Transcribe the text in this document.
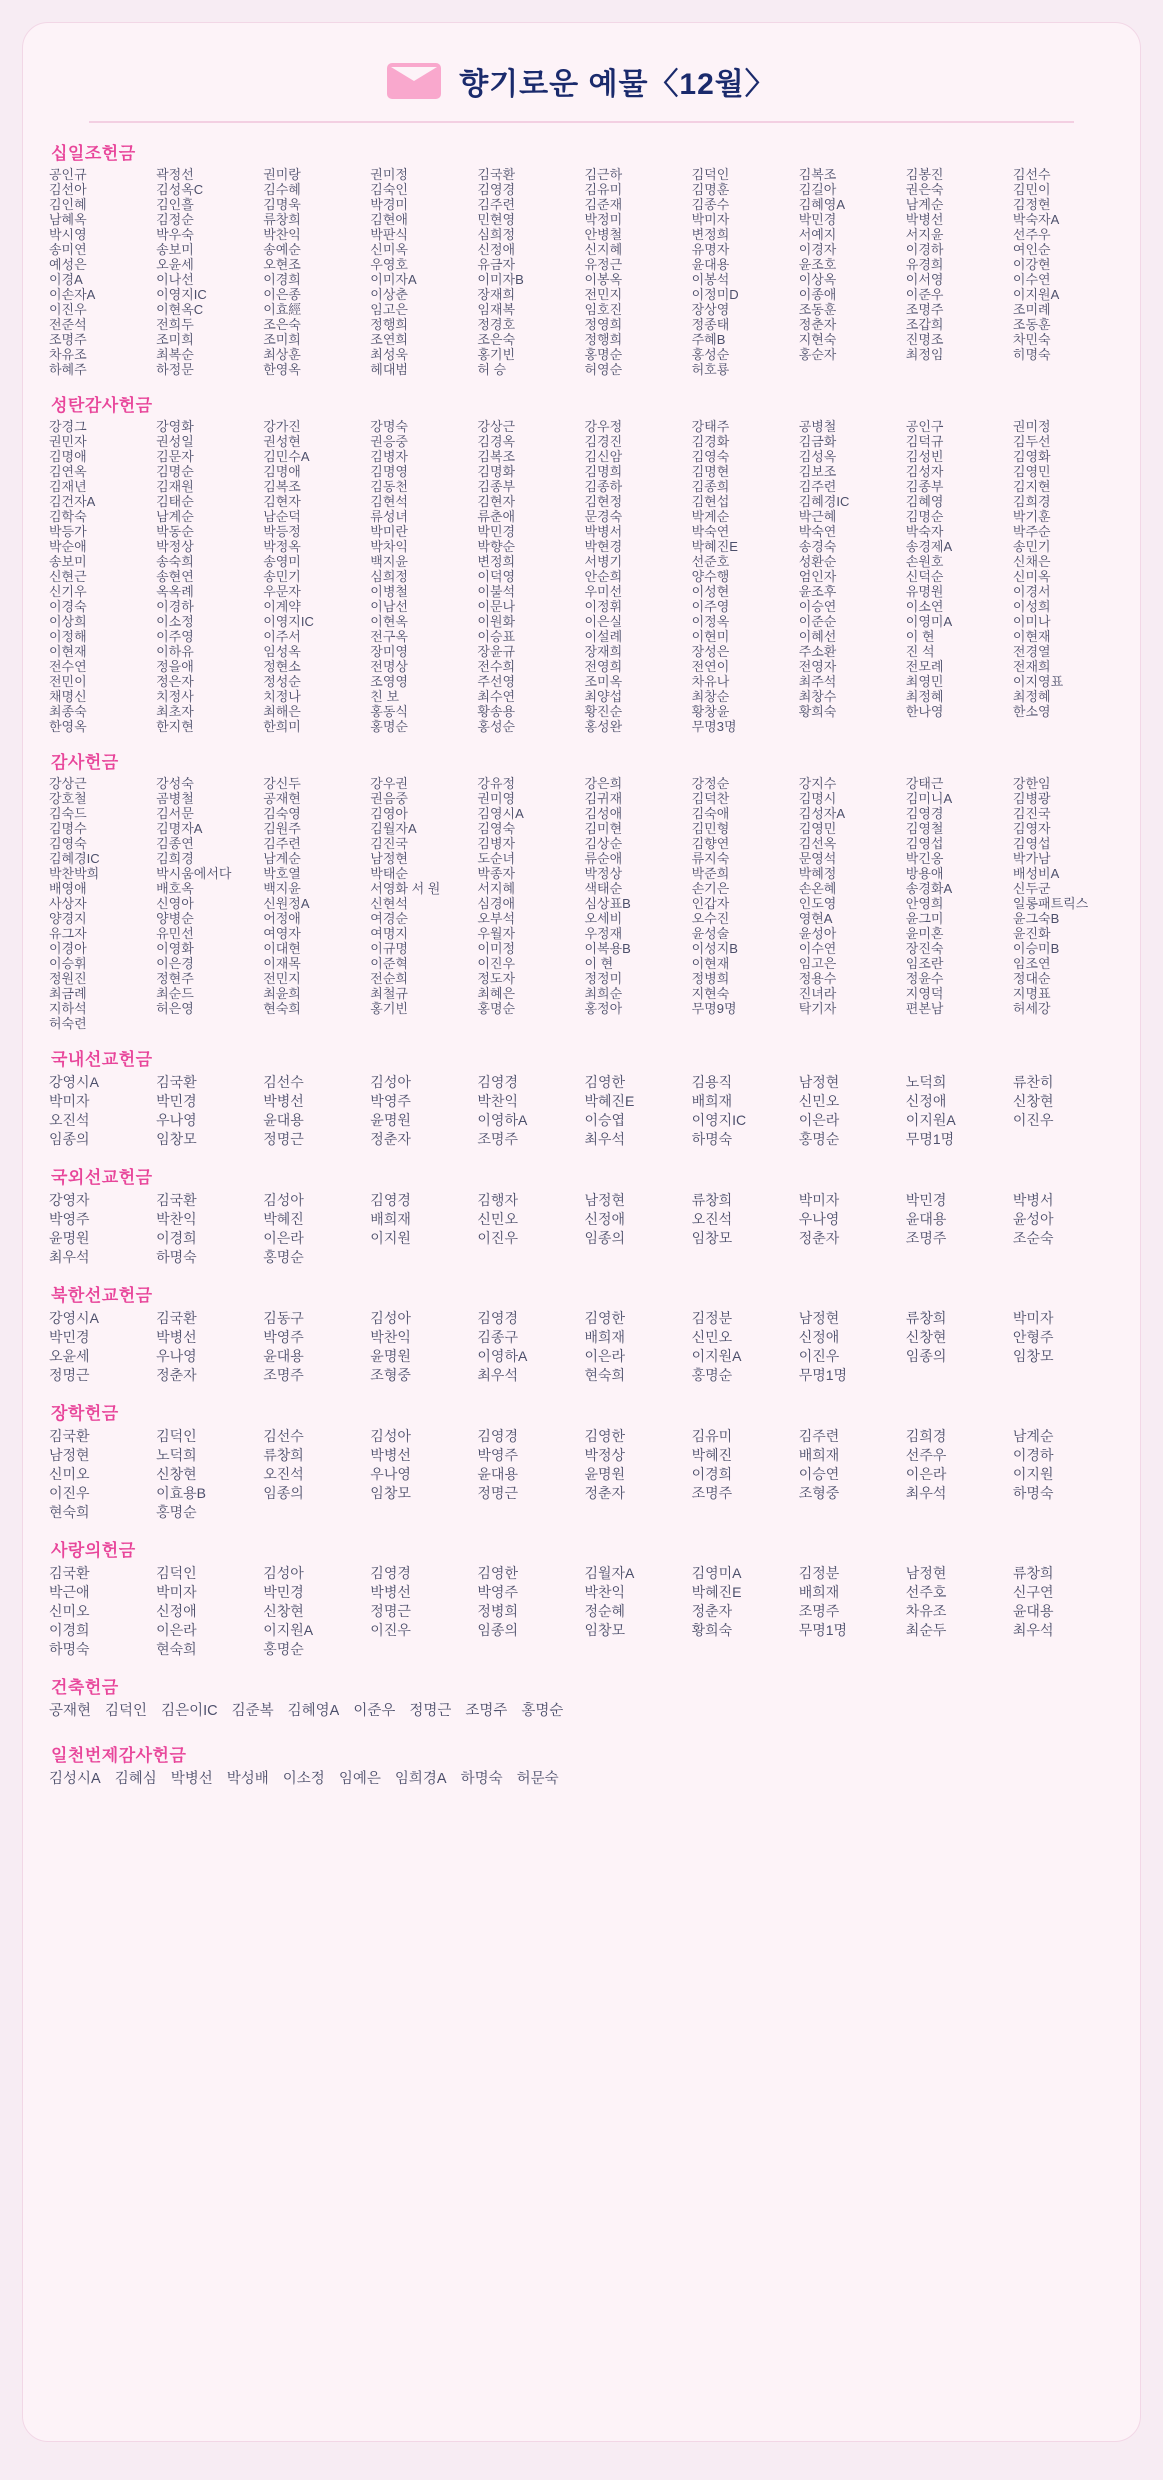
향기로운 예물〈12월〉
십일조헌금
공인규	곽정선	권미랑	권미정	김국환	김근하	김덕인	김복조	김봉진	김선수
김선아	김성옥C	김수혜	김숙인	김영경	김유미	김명훈	김길아	권은숙	김민이
김인혜	김인흘	김명욱	박경미	김주련	김준재	김종수	김혜영A	남계순	김정현
남혜옥	김정순	류창희	김현애	민현영	박정미	박미자	박민경	박병선	박숙자A
박시영	박우숙	박찬익	박판식	심희정	안병철	변정희	서예지	서지윤	선주우
송미연	송보미	송예순	신미옥	신정애	신지혜	유명자	이경자	이경하	여인순
예성은	오윤세	오현조	우영호	유금자	유정근	윤대용	윤조호	유경희	이강현
이경A	이나선	이경희	이미자A	이미자B	이봉옥	이봉석	이상옥	이서영	이수연
이손자A	이영지IC	이은종	이상춘	장재희	전민지	이정미D	이종애	이준우	이지원A
이진우	이현옥C	이효經	임고은	임재복	임호진	장상영	조동훈	조명주	조미례
전준석	전희두	조은숙	정행희	정경호	정영희	정종태	정춘자	조갑희	조동훈
조명주	조미희	조미희	조연희	조은숙	정행희	주혜B	지현숙	진명조	차민숙
차유조	최복순	최상훈	최성욱	홍기빈	홍명순	홍성순	홍순자	최정임	히명숙
하혜주	하정문	한영옥	헤대범	허 승	허영순	허호룡
성탄감사헌금
강경그	강영화	강가진	강명숙	강상근	강우정	강태주	공병철	공인구	권미정
권민자	권성일	권성현	권응중	김경옥	김경진	김경화	김금화	김덕규	김두선
김명애	김문자	김민수A	김병자	김복조	김신암	김영숙	김성옥	김성빈	김영화
김연옥	김명순	김명애	김명영	김명화	김명희	김명현	김보조	김성자	김영민
김재년	김재원	김복조	김동천	김종부	김종하	김종희	김주련	김종부	김지현
김건자A	김태순	김현자	김현석	김현자	김현정	김현섭	김혜경IC	김혜영	김희경
김학숙	남계순	남순덕	류성녀	류춘애	문경숙	박계순	박근혜	김명순	박기훈
박등가	박동순	박등정	박미란	박민경	박병서	박숙연	박숙연	박숙자	박주순
박순애	박정상	박정옥	박차익	박향순	박현경	박혜진E	송경숙	송경제A	송민기
송보미	송숙희	송영미	백지윤	변정희	서병기	선준호	성환순	손원호	신채은
신현근	송현연	송민기	심희정	이덕영	안순희	양수행	엄인자	신덕순	신미옥
신기우	옥옥례	우문자	이병철	이불석	우미선	이성현	윤조후	유명원	이경서
이경숙	이경하	이계약	이남선	이문나	이정휘	이주영	이승연	이소연	이성희
이상희	이소정	이영지IC	이현옥	이원화	이은실	이정옥	이준순	이영미A	이미나
이정해	이주영	이주서	전구옥	이승표	이설례	이현미	이혜선	이 현	이현재
이현재	이하유	임성옥	장미영	장윤규	장재희	장성은	주소환	진 석	전경열
전수연	정을애	정현소	전명상	전수희	전영희	전연이	전영자	전모례	전재희
전민이	정은자	정성순	조영영	주선영	조미옥	차유나	최주석	최영민	이지영표
채명신	치정사	치정나	친 보	최수연	최양섭	최창순	최창수	최정혜	최정혜
최종숙	최초자	최해은	홍동식	황송용	황진순	황창윤	황희숙	한나영	한소영
한영옥	한지현	한희미	홍명순	홍성순	홍성완	무명3명
감사헌금
강상근	강성숙	강신두	강우권	강유정	강은희	강정순	강지수	강태근	강한임
강호철	곰병철	공재현	권음중	권미영	김귀재	김덕찬	김명시	김미니A	김병광
김숙드	김서문	김숙영	김영아	김영시A	김성애	김숙애	김성자A	김영경	김진국
김명수	김명자A	김원주	김월자A	김영숙	김미현	김민형	김영민	김영철	김영자
김영숙	김종연	김주련	김진국	김병자	김상순	김향연	김선옥	김영섭	김영섭
김혜경IC	김희경	남계순	남정현	도순녀	류순애	류지숙	문영석	박긴옹	박가남
박찬박희	박시움에서다	박호열	박태순	박종자	박정상	박준희	박혜정	방용애	배성비A
배영애	배호옥	백지윤	서영화 서 원	서지혜	색태순	손기은	손온혜	송경화A	신두군
사상자	신영아	신원정A	신현석	심경애	심상표B	인갑자	인도영	안영희	일롱패트릭스
양경지	양병순	어정애	여경순	오부석	오세비	오수진	영현A	윤그미	윤그숙B
유그자	유민선	여영자	여명지	우월자	우정재	윤성술	윤성아	윤미혼	윤진화
이경아	이영화	이대현	이규명	이미정	이복용B	이성지B	이수연	장진숙	이승미B
이승휘	이은경	이재목	이준혁	이진우	이 현	이현재	임고은	임조란	임조연
정원진	정현주	전민지	전순희	정도자	정정미	정병희	정용수	정윤수	정대순
최금례	최순드	최윤희	최철규	최혜은	최희순	지현숙	진녀라	지영덕	지명표
지하석	허은영	현숙희	홍기빈	홍명순	홍정아	무명9명	탁기자	편본남	허세강
허숙련
국내선교헌금
강영시A	김국환	김선수	김성아	김영경	김영한	김용직	남정현	노덕희	류찬히
박미자	박민경	박병선	박영주	박찬익	박혜진E	배희재	신민오	신정애	신창현
오진석	우나영	윤대용	윤명원	이영하A	이승엽	이영지IC	이은라	이지원A	이진우
임종의	임창모	정명근	정춘자	조명주	최우석	하명숙	홍명순	무명1명
국외선교헌금
강영자	김국환	김성아	김영경	김행자	남정현	류창희	박미자	박민경	박병서
박영주	박찬익	박혜진	배희재	신민오	신정애	오진석	우나영	윤대용	윤성아
윤명원	이경희	이은라	이지원	이진우	임종의	임창모	정춘자	조명주	조순숙
최우석	하명숙	홍명순
북한선교헌금
강영시A	김국환	김동구	김성아	김영경	김영한	김정분	남정현	류창희	박미자
박민경	박병선	박영주	박찬익	김종구	배희재	신민오	신정애	신창현	안형주
오윤세	우나영	윤대용	윤명원	이영하A	이은라	이지원A	이진우	임종의	임창모
정명근	정춘자	조명주	조형중	최우석	현숙희	홍명순	무명1명
장학헌금
김국환	김덕인	김선수	김성아	김영경	김영한	김유미	김주련	김희경	남계순
남정현	노덕희	류창희	박병선	박영주	박정상	박혜진	배희재	선주우	이경하
신미오	신창현	오진석	우나영	윤대용	윤명원	이경희	이승연	이은라	이지원
이진우	이효용B	임종의	임창모	정명근	정춘자	조명주	조형중	최우석	하명숙
현숙희	홍명순
사랑의헌금
김국환	김덕인	김성아	김영경	김영한	김월자A	김영미A	김정분	남정현	류창희
박근애	박미자	박민경	박병선	박영주	박찬익	박혜진E	배희재	선주호	신구연
신미오	신정애	신창현	정명근	정병희	정순혜	정춘자	조명주	차유조	윤대용
이경희	이은라	이지원A	이진우	임종의	임창모	황희숙	무명1명	최순두	최우석
하명숙	현숙희	홍명순
건축헌금
공재현 김덕인 김은이IC 김준복 김혜영A 이준우 정명근 조명주 홍명순
일천번제감사헌금
김성시A 김혜심 박병선 박성배 이소정 임예은 임희경A 하명숙 허문숙
